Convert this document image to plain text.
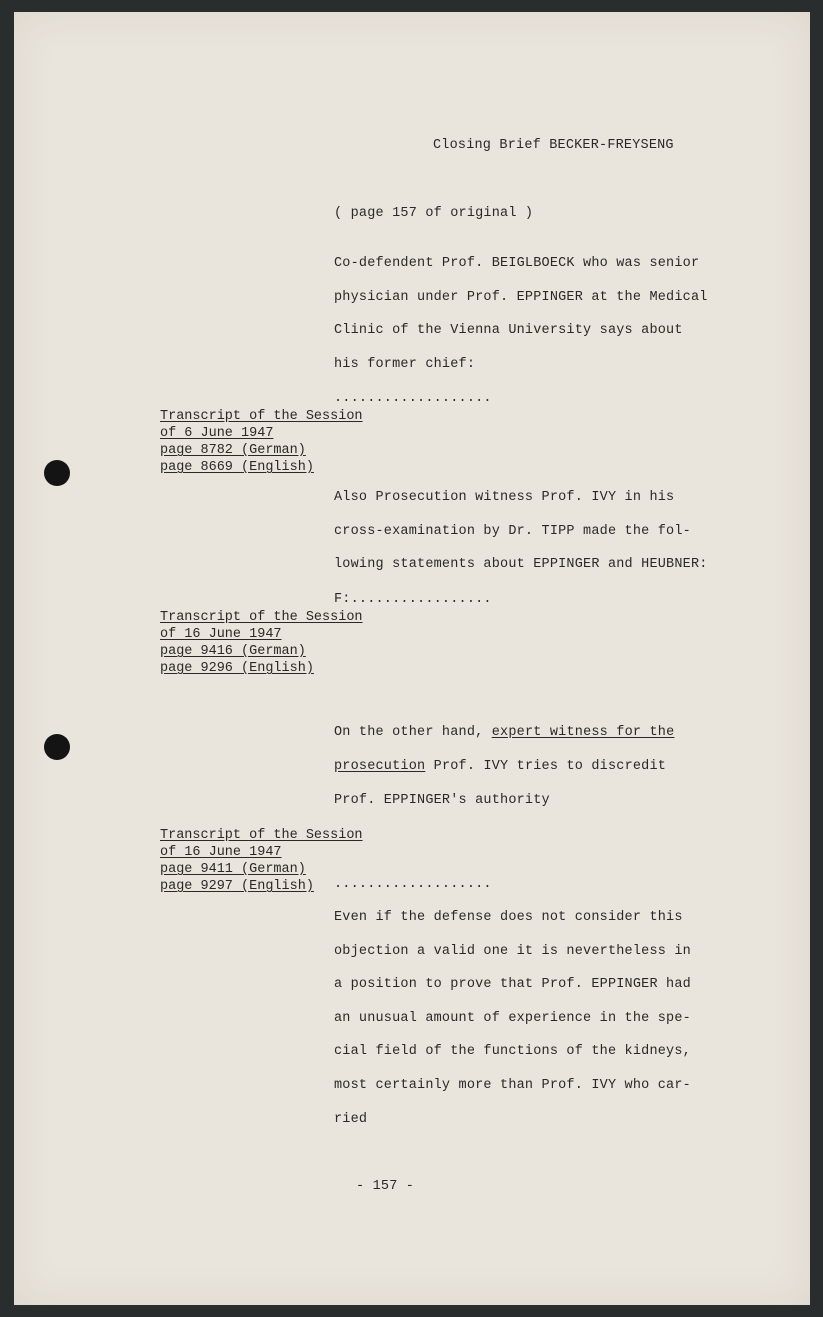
Closing Brief BECKER-FREYSENG
( page 157 of original )
Co-defendent Prof. BEIGLBOECK who was senior
physician under Prof. EPPINGER at the Medical
Clinic of the Vienna University says about
his former chief:
...................
Transcript of the Session
of 6 June 1947
page 8782 (German)
page 8669 (English)
Also Prosecution witness Prof. IVY in his
cross-examination by Dr. TIPP made the fol-
lowing statements about EPPINGER and HEUBNER:
F:.................
Transcript of the Session
of 16 June 1947
page 9416 (German)
page 9296 (English)
On the other hand, expert witness for the
prosecution Prof. IVY tries to discredit
Prof. EPPINGER's authority
Transcript of the Session
of 16 June 1947
page 9411 (German)
page 9297 (English)	...................
Even if the defense does not consider this
objection a valid one it is nevertheless in
a position to prove that Prof. EPPINGER had
an unusual amount of experience in the spe-
cial field of the functions of the kidneys,
most certainly more than Prof. IVY who car-
ried
- 157 -
